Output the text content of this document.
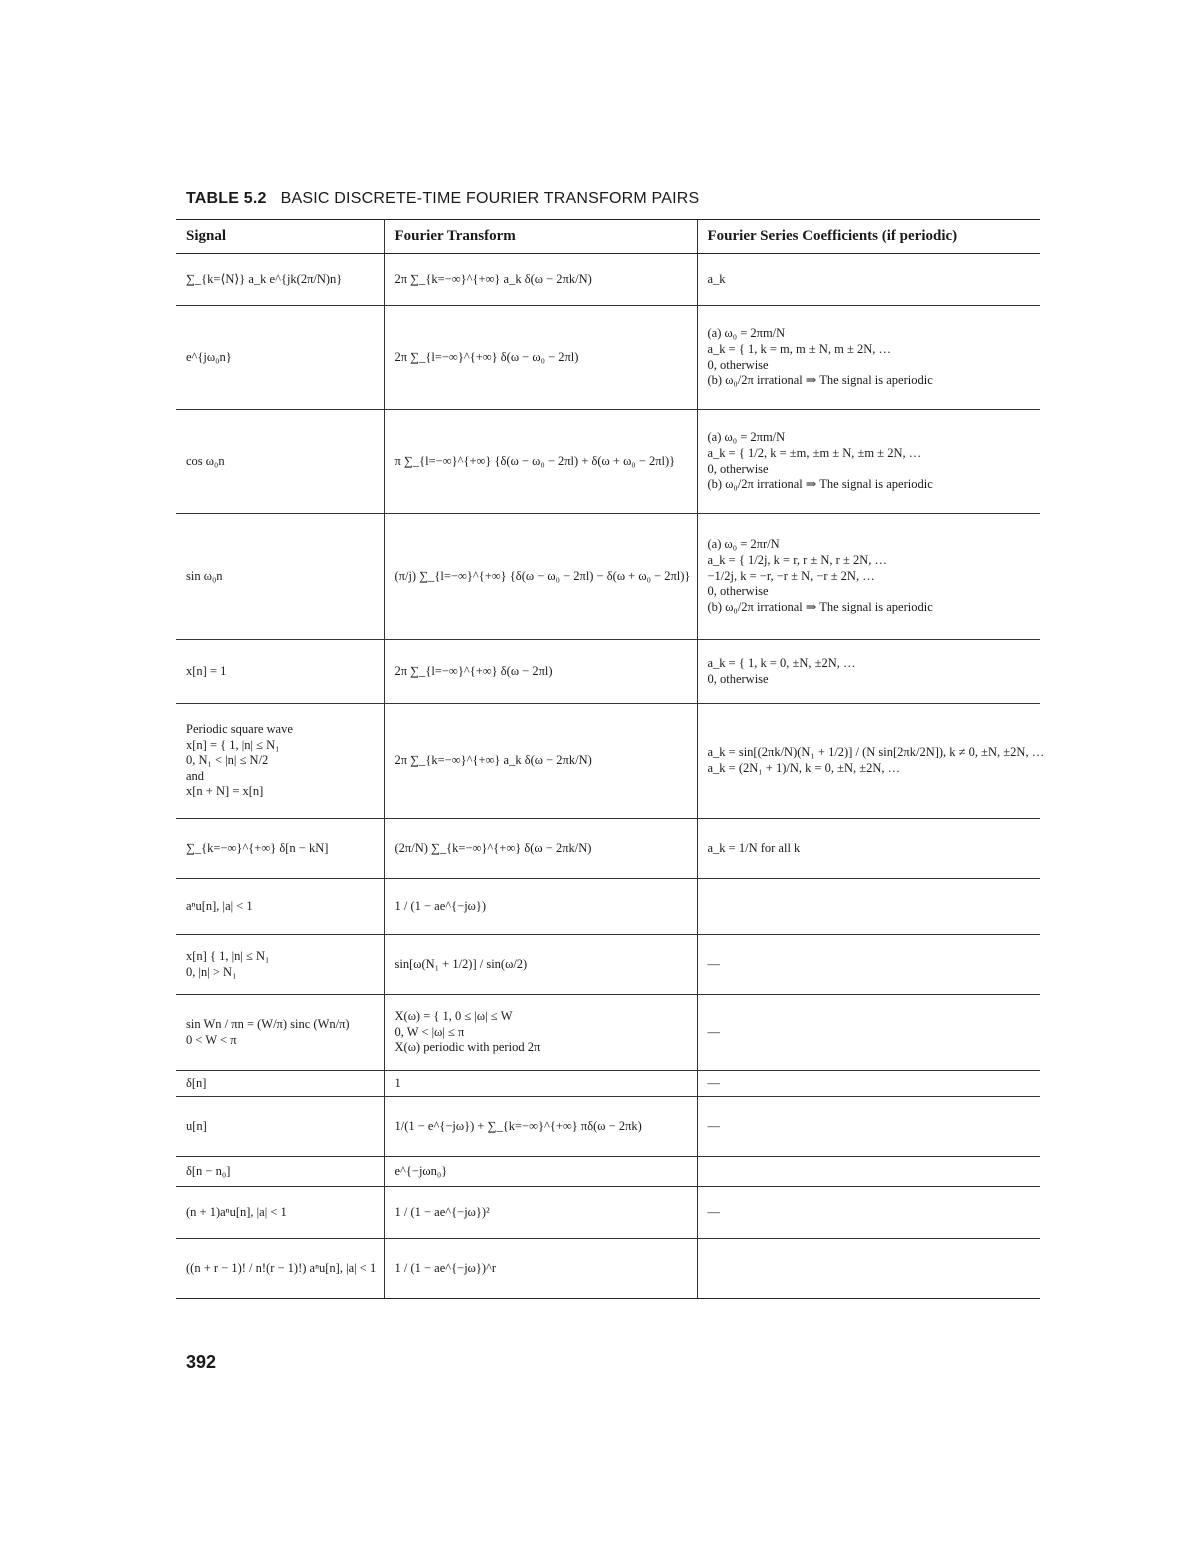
TABLE 5.2 BASIC DISCRETE-TIME FOURIER TRANSFORM PAIRS
Signal	Fourier Transform	Fourier Series Coefficients (if periodic)

∑_{k=⟨N⟩} a_k e^{jk(2π/N)n}	2π ∑_{k=−∞}^{+∞} a_k δ(ω − 2πk/N)	a_k

e^{jω₀n}	2π ∑_{l=−∞}^{+∞} δ(ω − ω₀ − 2πl)	(a) ω₀ = 2πm/N
a_k = { 1, k = m, m ± N, m ± 2N, …
0, otherwise
(b) ω₀/2π irrational ⇒ The signal is aperiodic

cos ω₀n	π ∑_{l=−∞}^{+∞} {δ(ω − ω₀ − 2πl) + δ(ω + ω₀ − 2πl)}	(a) ω₀ = 2πm/N
a_k = { 1/2, k = ±m, ±m ± N, ±m ± 2N, …
0, otherwise
(b) ω₀/2π irrational ⇒ The signal is aperiodic

sin ω₀n	(π/j) ∑_{l=−∞}^{+∞} {δ(ω − ω₀ − 2πl) − δ(ω + ω₀ − 2πl)}	(a) ω₀ = 2πr/N
a_k = { 1/2j, k = r, r ± N, r ± 2N, …
−1/2j, k = −r, −r ± N, −r ± 2N, …
0, otherwise
(b) ω₀/2π irrational ⇒ The signal is aperiodic

x[n] = 1	2π ∑_{l=−∞}^{+∞} δ(ω − 2πl)	a_k = { 1, k = 0, ±N, ±2N, …
0, otherwise

Periodic square wave
x[n] = { 1, |n| ≤ N₁
0, N₁ < |n| ≤ N/2
and
x[n + N] = x[n]	2π ∑_{k=−∞}^{+∞} a_k δ(ω − 2πk/N)	a_k = sin[(2πk/N)(N₁ + 1/2)] / (N sin[2πk/2N]), k ≠ 0, ±N, ±2N, …
a_k = (2N₁ + 1)/N, k = 0, ±N, ±2N, …

∑_{k=−∞}^{+∞} δ[n − kN]	(2π/N) ∑_{k=−∞}^{+∞} δ(ω − 2πk/N)	a_k = 1/N for all k

aⁿu[n], |a| < 1	1 / (1 − ae^{−jω})	

x[n] { 1, |n| ≤ N₁
0, |n| > N₁	sin[ω(N₁ + 1/2)] / sin(ω/2)	—

sin Wn / πn = (W/π) sinc (Wn/π)
0 < W < π	X(ω) = { 1, 0 ≤ |ω| ≤ W
0, W < |ω| ≤ π
X(ω) periodic with period 2π	—

δ[n]	1	—

u[n]	1/(1 − e^{−jω}) + ∑_{k=−∞}^{+∞} πδ(ω − 2πk)	—

δ[n − n₀]	e^{−jωn₀}	

(n + 1)aⁿu[n], |a| < 1	1 / (1 − ae^{−jω})²	—

((n + r − 1)! / n!(r − 1)!) aⁿu[n], |a| < 1	1 / (1 − ae^{−jω})^r	

392
